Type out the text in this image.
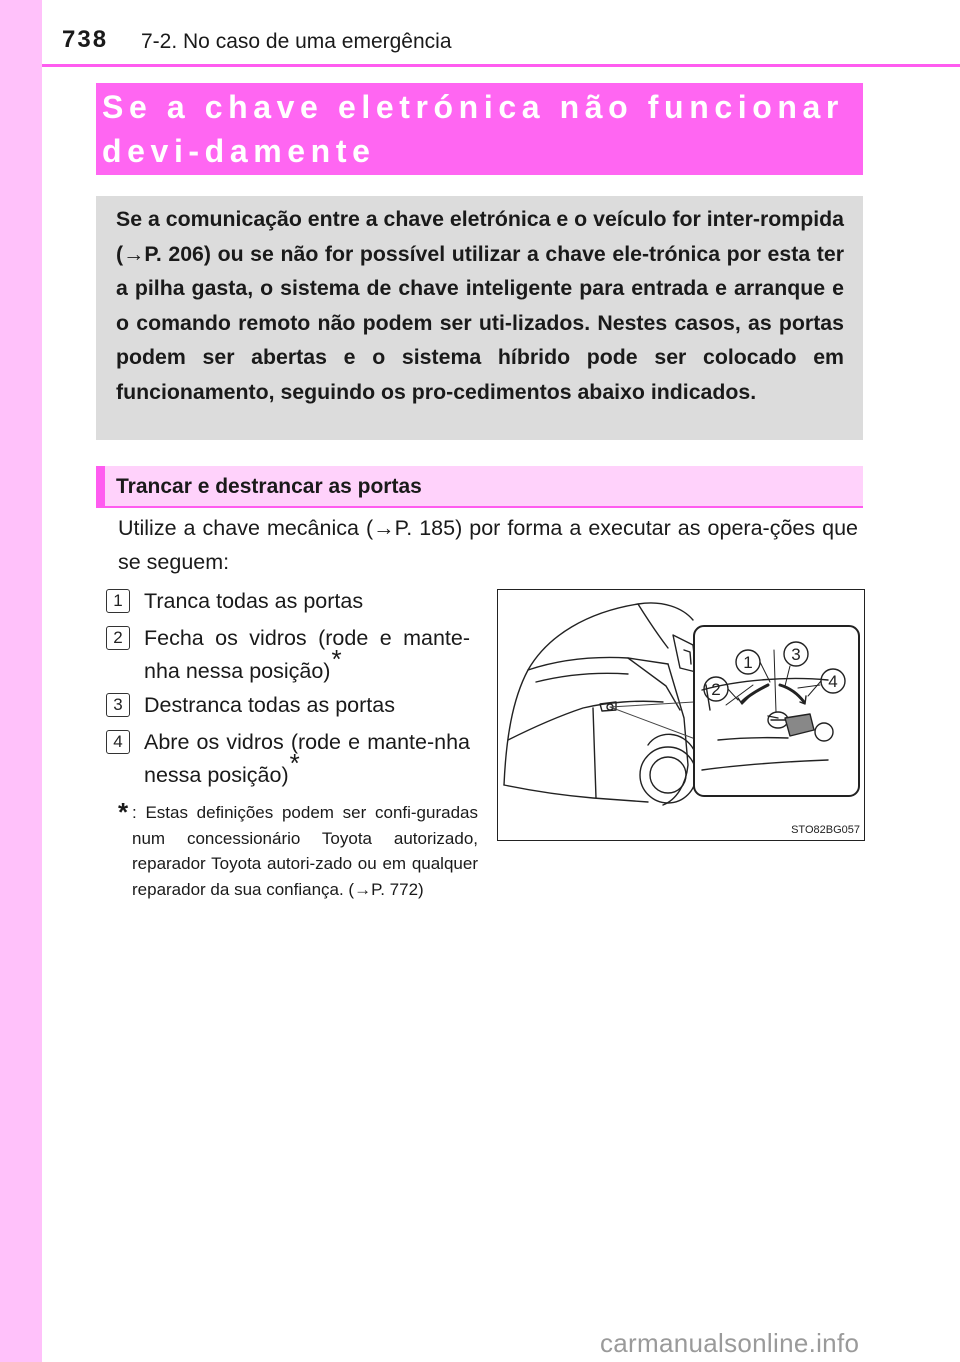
738 7-2. No caso de uma emergência
Se a chave eletrónica não funcionar devi-damente
Se a comunicação entre a chave eletrónica e o veículo for inter-rompida (→P. 206) ou se não for possível utilizar a chave ele-trónica por esta ter a pilha gasta, o sistema de chave inteligente para entrada e arranque e o comando remoto não podem ser uti-lizados. Nestes casos, as portas podem ser abertas e o sistema híbrido pode ser colocado em funcionamento, seguindo os pro-cedimentos abaixo indicados.
Trancar e destrancar as portas
Utilize a chave mecânica (→P. 185) por forma a executar as opera-ções que se seguem:
1 Tranca todas as portas
2 Fecha os vidros (rode e mante-nha nessa posição)*
3 Destranca todas as portas
4 Abre os vidros (rode e mante-nha nessa posição)*
* : Estas definições podem ser confi-guradas num concessionário Toyota autorizado, reparador Toyota autori-zado ou em qualquer reparador da sua confiança. (→P. 772)
1 3
2	4
STO82BG057
carmanualsonline.info
